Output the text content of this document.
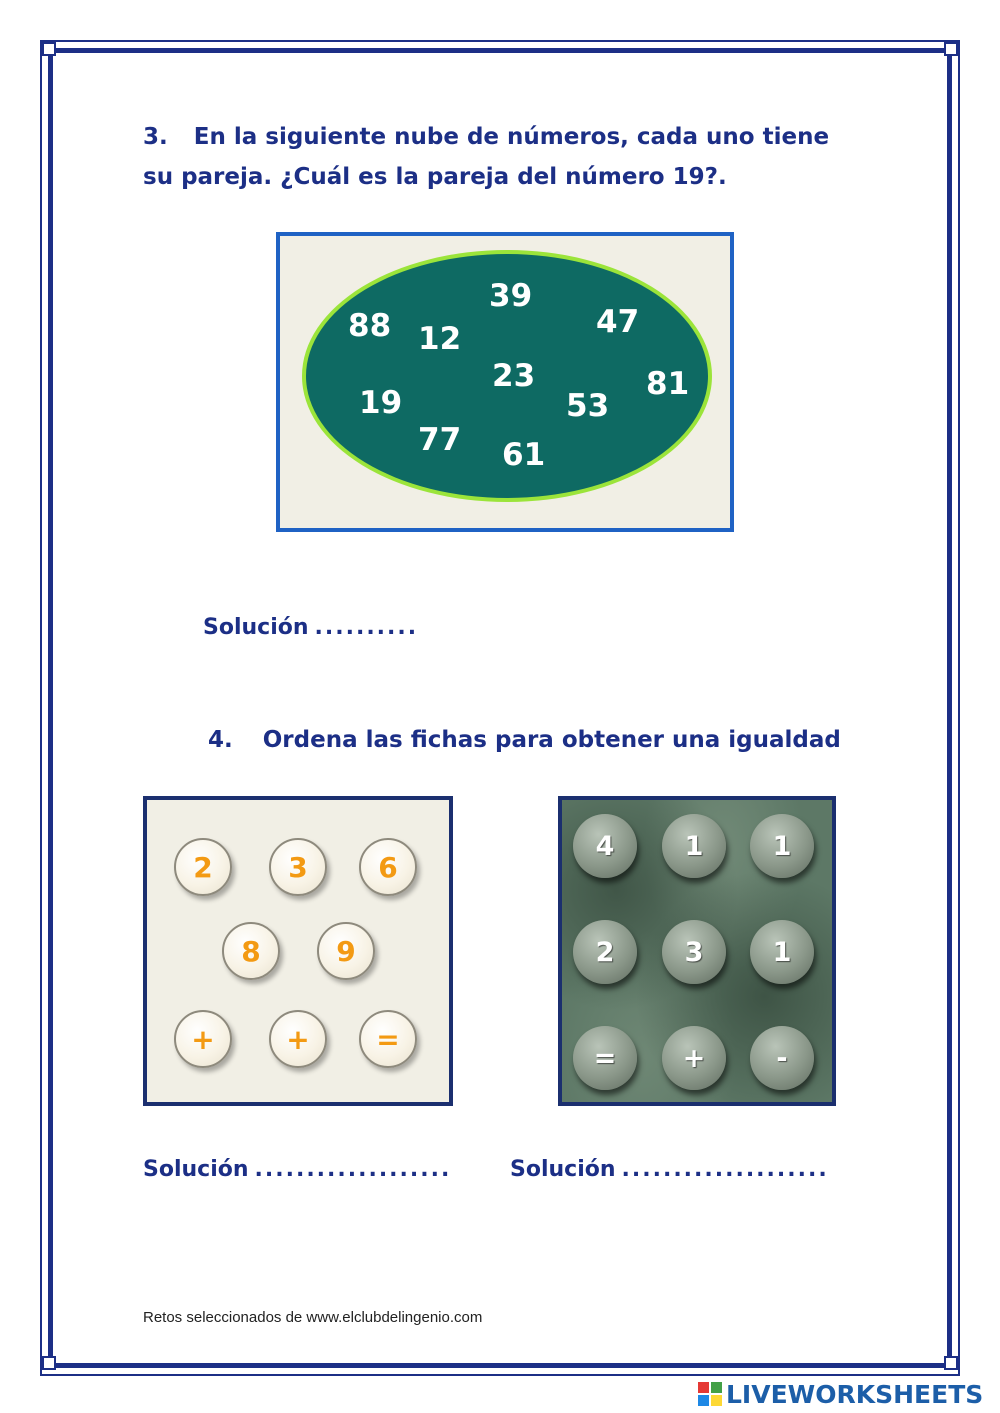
3. En la siguiente nube de números, cada uno tiene

su pareja. ¿Cuál es la pareja del número 19?.

39
88 12	47
23	81
19	53
77 61

Solución ..........

4. Ordena las fichas para obtener una igualdad

2	3	6
8	9
+	+	=
4	1	1
2	3	1
=	+	-

Solución ...................	Solución ....................

Retos seleccionados de www.elclubdelingenio.com

LIVEWORKSHEETS
